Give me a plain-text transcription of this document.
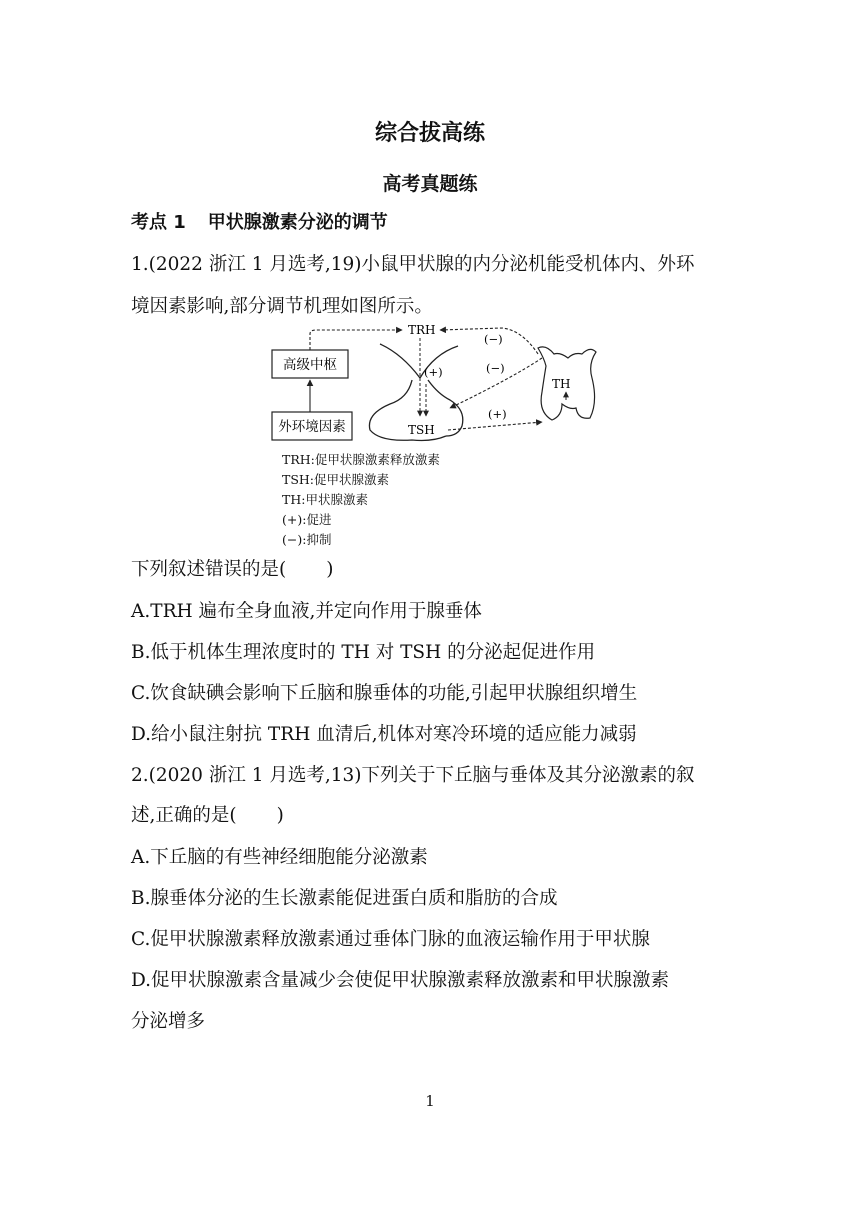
综合拔高练
高考真题练
考点 1 甲状腺激素分泌的调节
1.(2022 浙江 1 月选考,19)小鼠甲状腺的内分泌机能受机体内、外环
境因素影响,部分调节机理如图所示。
高级中枢
外环境因素
TRH
(+)
TSH
(+)
TH
(−)
(−)
TRH:促甲状腺激素释放激素
TSH:促甲状腺激素
TH:甲状腺激素
(+):促进
(−):抑制
下列叙述错误的是( )
A.TRH 遍布全身血液,并定向作用于腺垂体
B.低于机体生理浓度时的 TH 对 TSH 的分泌起促进作用
C.饮食缺碘会影响下丘脑和腺垂体的功能,引起甲状腺组织增生
D.给小鼠注射抗 TRH 血清后,机体对寒冷环境的适应能力减弱
2.(2020 浙江 1 月选考,13)下列关于下丘脑与垂体及其分泌激素的叙
述,正确的是( )
A.下丘脑的有些神经细胞能分泌激素
B.腺垂体分泌的生长激素能促进蛋白质和脂肪的合成
C.促甲状腺激素释放激素通过垂体门脉的血液运输作用于甲状腺
D.促甲状腺激素含量减少会使促甲状腺激素释放激素和甲状腺激素
分泌增多
1
